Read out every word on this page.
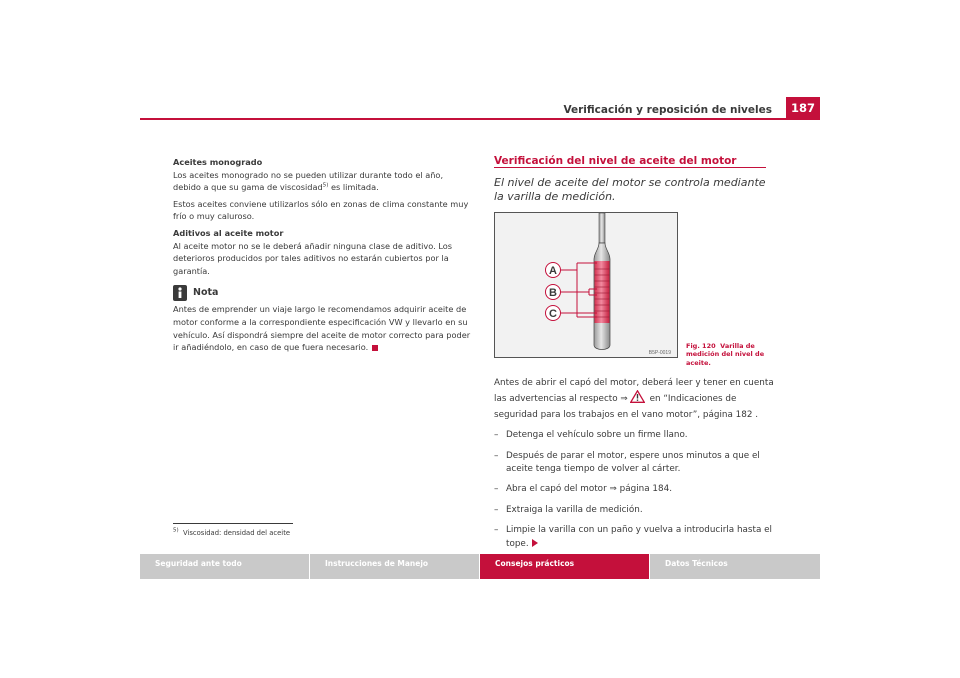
Verificación y reposición de niveles	187

Aceites monogrado

Los aceites monogrado no se pueden utilizar durante todo el año, debido a que su gama de viscosidad$^{5)}$ es limitada.

Estos aceites conviene utilizarlos sólo en zonas de clima constante muy frío o muy caluroso.

Aditivos al aceite motor

Al aceite motor no se le deberá añadir ninguna clase de aditivo. Los deterioros producidos por tales aditivos no estarán cubiertos por la garantía.

Nota

Antes de emprender un viaje largo le recomendamos adquirir aceite de motor conforme a la correspondiente especificación VW y llevarlo en su vehículo. Así dispondrá siempre del aceite de motor correcto para poder ir añadiéndolo, en caso de que fuera necesario.

$^{5)}$ Viscosidad: densidad del aceite
Verificación del nivel de aceite del motor
El nivel de aceite del motor se controla mediante la varilla de medición.
A
B
C
B5P-0019
Fig. 120 Varilla de medición del nivel de aceite.

Antes de abrir el capó del motor, deberá leer y tener en cuenta las advertencias al respecto ⇒ en “Indicaciones de seguridad para los trabajos en el vano motor”, página 182 .

– Detenga el vehículo sobre un firme llano.
– Después de parar el motor, espere unos minutos a que el aceite tenga tiempo de volver al cárter.
– Abra el capó del motor ⇒ página 184.
– Extraiga la varilla de medición.
– Limpie la varilla con un paño y vuelva a introducirla hasta el tope.
Seguridad ante todo	Instrucciones de Manejo	Consejos prácticos	Datos Técnicos
